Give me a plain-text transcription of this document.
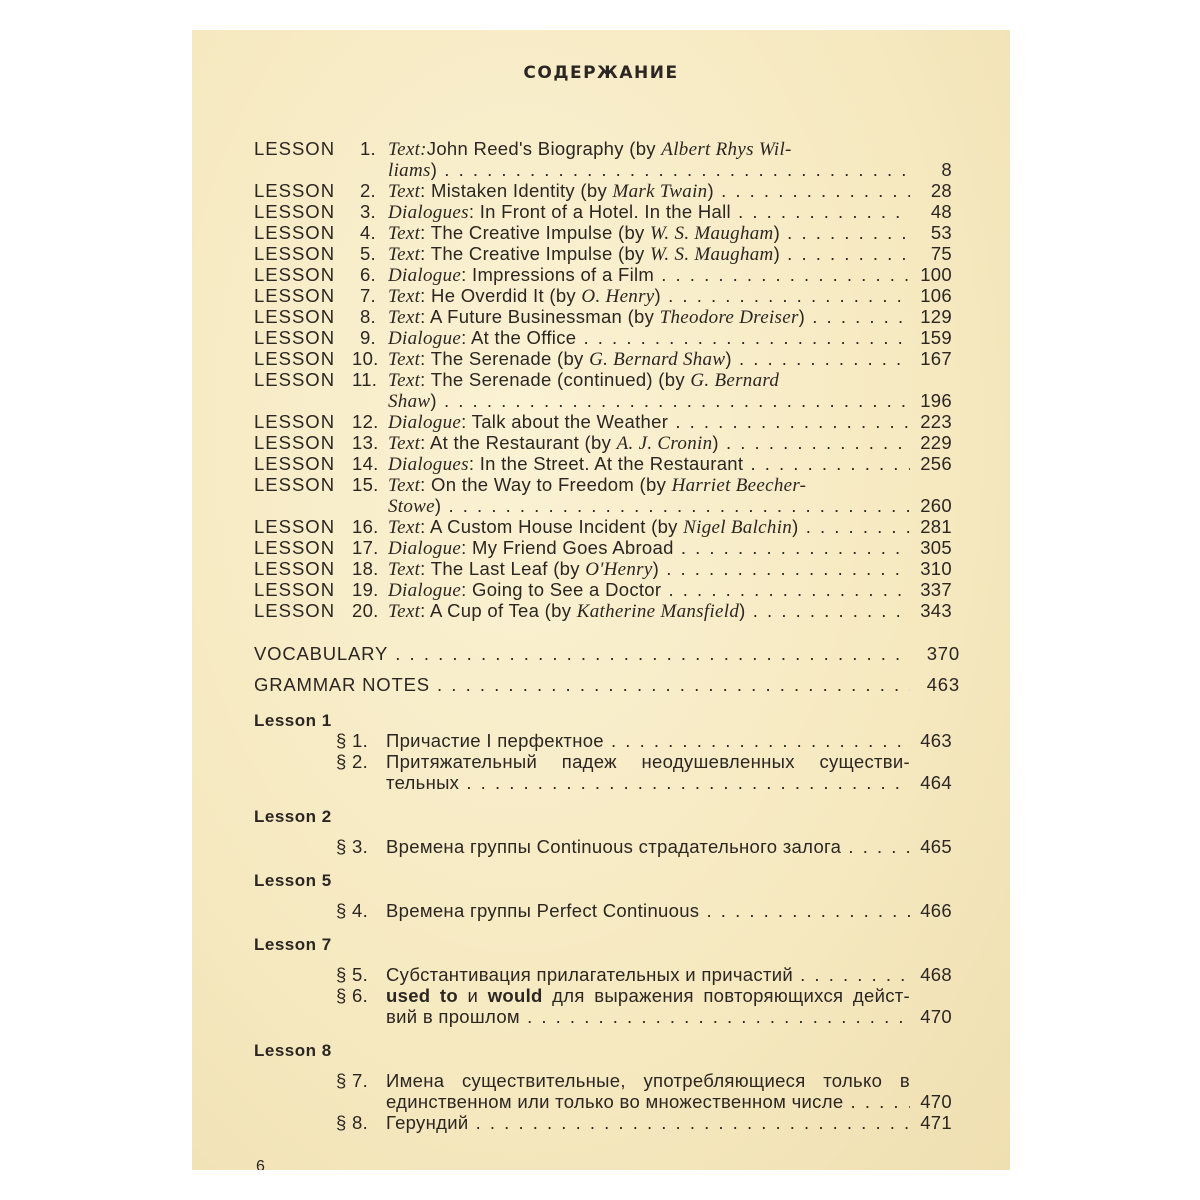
СОДЕРЖАНИЕ
LESSON	1. Text:John Reed's Biography (by Albert Rhys Wil-
liams) . . .	8
LESSON	2. Text: Mistaken Identity (by Mark Twain) . . .	28
LESSON	3. Dialogues: In Front of a Hotel. In the Hall . . .	48
LESSON	4. Text: The Creative Impulse (by W. S. Maugham) . . .	53
LESSON	5. Text: The Creative Impulse (by W. S. Maugham) . . .	75
LESSON	6. Dialogue: Impressions of a Film . . .	100
LESSON	7. Text: He Overdid It (by O. Henry) . . .	106
LESSON	8. Text: A Future Businessman (by Theodore Dreiser) . . .	129
LESSON	9. Dialogue: At the Office . . .	159
LESSON 10. Text: The Serenade (by G. Bernard Shaw) . . .	167
LESSON 11. Text: The Serenade (continued) (by G. Bernard
Shaw) . . .	196
LESSON 12. Dialogue: Talk about the Weather . . .	223
LESSON 13. Text: At the Restaurant (by A. J. Cronin) . . .	229
LESSON 14. Dialogues: In the Street. At the Restaurant . . .	256
LESSON 15. Text: On the Way to Freedom (by Harriet Beecher-
Stowe) . . .	260
LESSON 16. Text: A Custom House Incident (by Nigel Balchin) . . .	281
LESSON 17. Dialogue: My Friend Goes Abroad . . .	305
LESSON 18. Text: The Last Leaf (by O'Henry) . . .	310
LESSON 19. Dialogue: Going to See a Doctor . . .	337
LESSON 20. Text: A Cup of Tea (by Katherine Mansfield) . . .	343
VOCABULARY . . .	370
GRAMMAR NOTES . . .	463
Lesson 1
§ 1. Причастие I перфектное . . .	463
§ 2. Притяжательный падеж неодушевленных существи-
тельных . . .	464
Lesson 2
§ 3. Времена группы Continuous страдательного залога . . .	465
Lesson 5
§ 4. Времена группы Perfect Continuous . . .	466
Lesson 7
§ 5. Субстантивация прилагательных и причастий . . .	468
§ 6. used to и would для выражения повторяющихся дейст-
вий в прошлом . . .	470
Lesson 8
§ 7. Имена существительные, употребляющиеся только в
единственном или только во множественном числе . . .	470
§ 8. Герундий . . .	471
6
